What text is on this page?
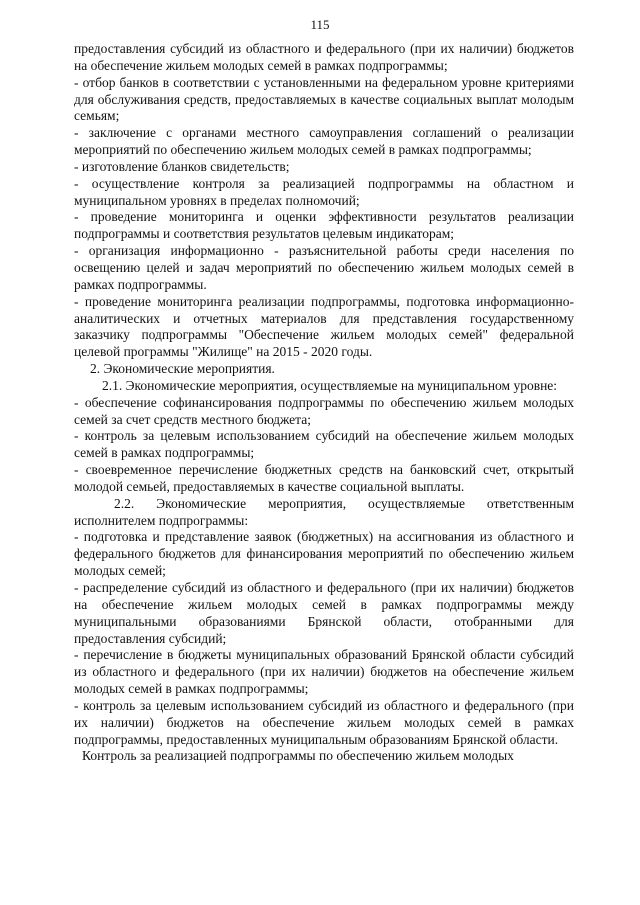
115

предоставления субсидий из областного и федерального (при их наличии) бюджетов на обеспечение жильем молодых семей в рамках подпрограммы;

- отбор банков в соответствии с установленными на федеральном уровне критериями для обслуживания средств, предоставляемых в качестве социальных выплат молодым семьям;

- заключение с органами местного самоуправления соглашений о реализации мероприятий по обеспечению жильем молодых семей в рамках подпрограммы;

- изготовление бланков свидетельств;

- осуществление контроля за реализацией подпрограммы на областном и муниципальном уровнях в пределах полномочий;

- проведение мониторинга и оценки эффективности результатов реализации подпрограммы и соответствия результатов целевым индикаторам;

- организация информационно - разъяснительной работы среди населения по освещению целей и задач мероприятий по обеспечению жильем молодых семей в рамках подпрограммы.

- проведение мониторинга реализации подпрограммы, подготовка информационно-аналитических и отчетных материалов для представления государственному заказчику подпрограммы "Обеспечение жильем молодых семей" федеральной целевой программы "Жилище" на 2015 - 2020 годы.

2. Экономические мероприятия.

2.1. Экономические мероприятия, осуществляемые на муниципальном уровне:

- обеспечение софинансирования подпрограммы по обеспечению жильем молодых семей за счет средств местного бюджета;

- контроль за целевым использованием субсидий на обеспечение жильем молодых семей в рамках подпрограммы;

- своевременное перечисление бюджетных средств на банковский счет, открытый молодой семьей, предоставляемых в качестве социальной выплаты.

2.2. Экономические мероприятия, осуществляемые ответственным исполнителем подпрограммы:

- подготовка и представление заявок (бюджетных) на ассигнования из областного и федерального бюджетов для финансирования мероприятий по обеспечению жильем молодых семей;

- распределение субсидий из областного и федерального (при их наличии) бюджетов на обеспечение жильем молодых семей в рамках подпрограммы между муниципальными образованиями Брянской области, отобранными для предоставления субсидий;

- перечисление в бюджеты муниципальных образований Брянской области субсидий из областного и федерального (при их наличии) бюджетов на обеспечение жильем молодых семей в рамках подпрограммы;

- контроль за целевым использованием субсидий из областного и федерального (при их наличии) бюджетов на обеспечение жильем молодых семей в рамках подпрограммы, предоставленных муниципальным образованиям Брянской области.

Контроль за реализацией подпрограммы по обеспечению жильем молодых
